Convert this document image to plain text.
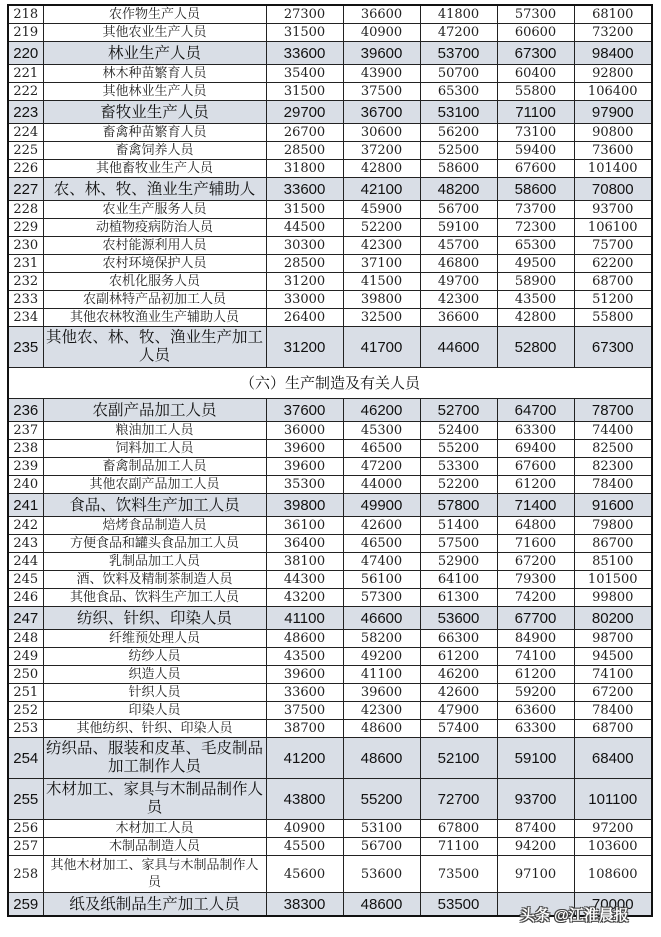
218	农作物生产人员	27300	36600	41800	57300	68100
219	其他农业生产人员	31500	40900	47200	60600	73200
220	林业生产人员	33600	39600	53700	67300	98400
221	林木种苗繁育人员	35400	43900	50700	60400	92800
222	其他林业生产人员	31500	37500	65300	55800	106400
223	畜牧业生产人员	29700	36700	53100	71100	97900
224	畜禽种苗繁育人员	26700	30600	56200	73100	90800
225	畜禽饲养人员	28500	37200	52500	59400	73600
226	其他畜牧业生产人员	31800	42800	58600	67600	101400
227	农、林、牧、渔业生产辅助人	33600	42100	48200	58600	70800
228	农业生产服务人员	31500	45900	56700	73700	93700
229	动植物疫病防治人员	44500	52200	59100	72300	106100
230	农村能源利用人员	30300	42300	45700	65300	75700
231	农村环境保护人员	28500	37100	46800	49500	62200
232	农机化服务人员	31200	41500	49700	58900	68700
233	农副林特产品初加工人员	33000	39800	42300	43500	51200
234	其他农林牧渔业生产辅助人员	26400	32500	36600	42800	55800
235	其他农、林、牧、渔业生产加工人员	31200	41700	44600	52800	67300
（六）生产制造及有关人员						
236	农副产品加工人员	37600	46200	52700	64700	78700
237	粮油加工人员	36000	45300	52400	63300	74400
238	饲料加工人员	39600	46500	55200	69400	82500
239	畜禽制品加工人员	39600	47200	53300	67600	82300
240	其他农副产品加工人员	35300	44000	52200	61200	78400
241	食品、饮料生产加工人员	39800	49900	57800	71400	91600
242	焙烤食品制造人员	36100	42600	51400	64800	79800
243	方便食品和罐头食品加工人员	36400	46500	57500	71600	86700
244	乳制品加工人员	38100	47400	52900	67200	85100
245	酒、饮料及精制茶制造人员	44300	56100	64100	79300	101500
246	其他食品、饮料生产加工人员	43200	57300	61300	74200	99800
247	纺织、针织、印染人员	41100	46600	53600	67700	80200
248	纤维预处理人员	48600	58200	66300	84900	98700
249	纺纱人员	43500	49200	61200	74100	94500
250	织造人员	39600	41100	46200	61200	74100
251	针织人员	33600	39600	42600	59200	67200
252	印染人员	37500	42300	47900	63600	78400
253	其他纺织、针织、印染人员	38700	48600	57400	63300	68700
254	纺织品、服装和皮革、毛皮制品加工制作人员	41200	48600	52100	59100	68400
255	木材加工、家具与木制品制作人员	43800	55200	72700	93700	101100
256	木材加工人员	40900	53100	67800	87400	97200
257	木制品制造人员	45500	56700	71100	94200	103600
258	其他木材加工、家具与木制品制作人员	45600	53600	73500	97100	108600
259	纸及纸制品生产加工人员	38300	48600	53500		70000
头条 @江淮晨报
